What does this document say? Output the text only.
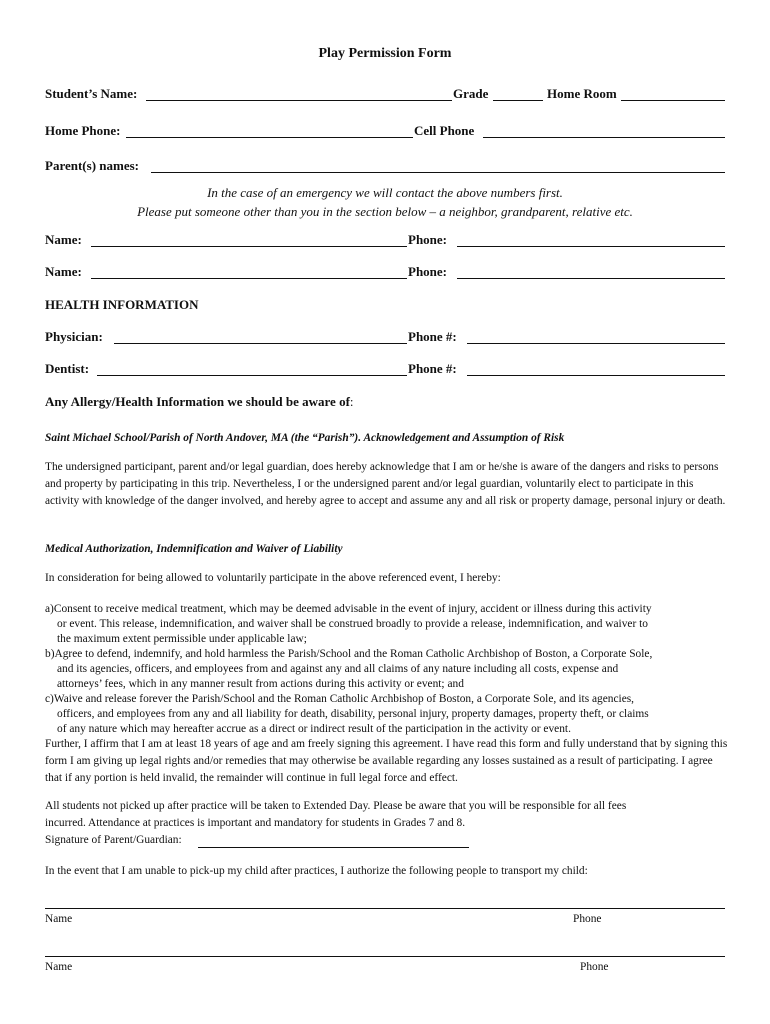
Play Permission Form
Student’s Name:	Grade	Home Room
Home Phone:	Cell Phone
Parent(s) names:
In the case of an emergency we will contact the above numbers first.
Please put someone other than you in the section below – a neighbor, grandparent, relative etc.
Name:	Phone:
Name:	Phone:
HEALTH INFORMATION
Physician:	Phone #:
Dentist:	Phone #:
Any Allergy/Health Information we should be aware of:
Saint Michael School/Parish of North Andover, MA (the “Parish”). Acknowledgement and Assumption of Risk
The undersigned participant, parent and/or legal guardian, does hereby acknowledge that I am or he/she is aware of the dangers and risks to persons and property by participating in this trip. Nevertheless, I or the undersigned parent and/or legal guardian, voluntarily elect to participate in this activity with knowledge of the danger involved, and hereby agree to accept and assume any and all risk or property damage, personal injury or death.
Medical Authorization, Indemnification and Waiver of Liability
In consideration for being allowed to voluntarily participate in the above referenced event, I hereby:
a)Consent to receive medical treatment, which may be deemed advisable in the event of injury, accident or illness during this activity
or event. This release, indemnification, and waiver shall be construed broadly to provide a release, indemnification, and waiver to
the maximum extent permissible under applicable law;
b)Agree to defend, indemnify, and hold harmless the Parish/School and the Roman Catholic Archbishop of Boston, a Corporate Sole,
and its agencies, officers, and employees from and against any and all claims of any nature including all costs, expense and
attorneys’ fees, which in any manner result from actions during this activity or event; and
c)Waive and release forever the Parish/School and the Roman Catholic Archbishop of Boston, a Corporate Sole, and its agencies,
officers, and employees from any and all liability for death, disability, personal injury, property damages, property theft, or claims
of any nature which may hereafter accrue as a direct or indirect result of the participation in the activity or event.
Further, I affirm that I am at least 18 years of age and am freely signing this agreement. I have read this form and fully understand that by signing this form I am giving up legal rights and/or remedies that may otherwise be available regarding any losses sustained as a result of participating. I agree that if any portion is held invalid, the remainder will continue in full legal force and effect.
All students not picked up after practice will be taken to Extended Day. Please be aware that you will be responsible for all fees
incurred. Attendance at practices is important and mandatory for students in Grades 7 and 8.
Signature of Parent/Guardian:
In the event that I am unable to pick-up my child after practices, I authorize the following people to transport my child:
Name	Phone
Name	Phone
